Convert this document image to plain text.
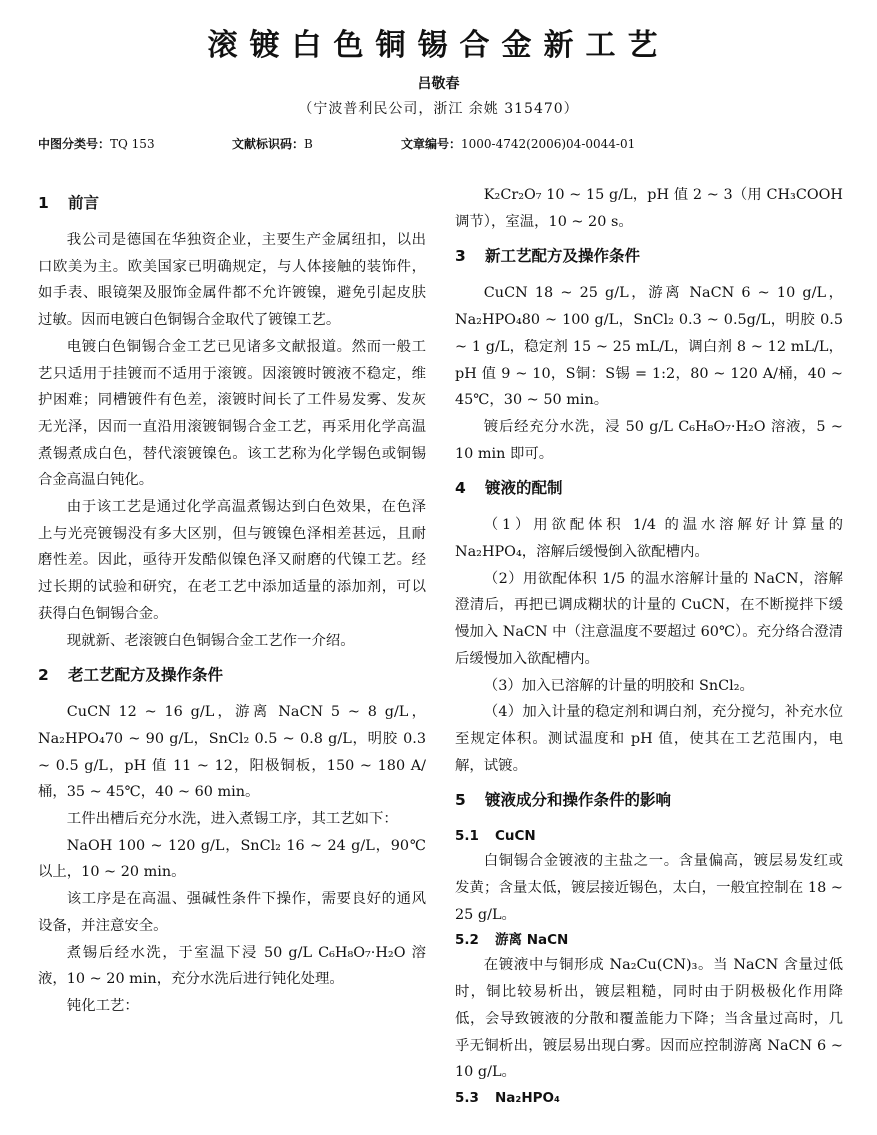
滚镀白色铜锡合金新工艺
吕敬春
（宁波普利民公司，浙江 余姚 315470）
中图分类号：TQ 153	文献标识码：B	文章编号：1000-4742(2006)04-0044-01
1 前言

我公司是德国在华独资企业，主要生产金属纽扣，以出口欧美为主。欧美国家已明确规定，与人体接触的装饰件，如手表、眼镜架及服饰金属件都不允许镀镍，避免引起皮肤过敏。因而电镀白色铜锡合金取代了镀镍工艺。

电镀白色铜锡合金工艺已见诸多文献报道。然而一般工艺只适用于挂镀而不适用于滚镀。因滚镀时镀液不稳定，维护困难；同槽镀件有色差，滚镀时间长了工件易发雾、发灰无光泽，因而一直沿用滚镀铜锡合金工艺，再采用化学高温煮锡煮成白色，替代滚镀镍色。该工艺称为化学锡色或铜锡合金高温白钝化。

由于该工艺是通过化学高温煮锡达到白色效果，在色泽上与光亮镀锡没有多大区别，但与镀镍色泽相差甚远，且耐磨性差。因此，亟待开发酷似镍色泽又耐磨的代镍工艺。经过长期的试验和研究，在老工艺中添加适量的添加剂，可以获得白色铜锡合金。

现就新、老滚镀白色铜锡合金工艺作一介绍。

2 老工艺配方及操作条件

CuCN 12 ~ 16 g/L，游离 NaCN 5 ~ 8 g/L，Na₂HPO₄70 ~ 90 g/L，SnCl₂ 0.5 ~ 0.8 g/L，明胶 0.3 ~ 0.5 g/L，pH 值 11 ~ 12，阳极铜板，150 ~ 180 A/桶，35 ~ 45℃，40 ~ 60 min。

工件出槽后充分水洗，进入煮锡工序，其工艺如下：

NaOH 100 ~ 120 g/L，SnCl₂ 16 ~ 24 g/L，90℃ 以上，10 ~ 20 min。

该工序是在高温、强碱性条件下操作，需要良好的通风设备，并注意安全。

煮锡后经水洗，于室温下浸 50 g/L C₆H₈O₇·H₂O 溶液，10 ~ 20 min，充分水洗后进行钝化处理。

钝化工艺：

K₂Cr₂O₇ 10 ~ 15 g/L，pH 值 2 ~ 3（用 CH₃COOH 调节），室温，10 ~ 20 s。

3 新工艺配方及操作条件

CuCN 18 ~ 25 g/L，游离 NaCN 6 ~ 10 g/L，Na₂HPO₄80 ~ 100 g/L，SnCl₂ 0.3 ~ 0.5g/L，明胶 0.5 ~ 1 g/L，稳定剂 15 ~ 25 mL/L，调白剂 8 ~ 12 mL/L，pH 值 9 ~ 10，S铜：S锡 = 1:2，80 ~ 120 A/桶，40 ~ 45℃，30 ~ 50 min。

镀后经充分水洗，浸 50 g/L C₆H₈O₇·H₂O 溶液，5 ~ 10 min 即可。

4 镀液的配制

（1）用欲配体积 1/4 的温水溶解好计算量的 Na₂HPO₄，溶解后缓慢倒入欲配槽内。

（2）用欲配体积 1/5 的温水溶解计量的 NaCN，溶解澄清后，再把已调成糊状的计量的 CuCN，在不断搅拌下缓慢加入 NaCN 中（注意温度不要超过 60℃）。充分络合澄清后缓慢加入欲配槽内。

（3）加入已溶解的计量的明胶和 SnCl₂。

（4）加入计量的稳定剂和调白剂，充分搅匀，补充水位至规定体积。测试温度和 pH 值，使其在工艺范围内，电解，试镀。

5 镀液成分和操作条件的影响
5.1 CuCN

白铜锡合金镀液的主盐之一。含量偏高，镀层易发红或发黄；含量太低，镀层接近锡色，太白，一般宜控制在 18 ~ 25 g/L。

5.2 游离 NaCN

在镀液中与铜形成 Na₂Cu(CN)₃。当 NaCN 含量过低时，铜比较易析出，镀层粗糙，同时由于阴极极化作用降低，会导致镀液的分散和覆盖能力下降；当含量过高时，几乎无铜析出，镀层易出现白雾。因而应控制游离 NaCN 6 ~ 10 g/L。

5.3 Na₂HPO₄
